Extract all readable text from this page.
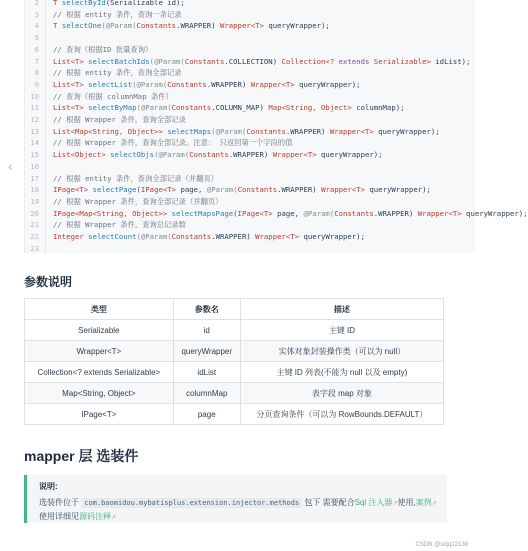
2 T selectById(Serializable id);
3 // 根据 entity 条件，查询一条记录
4 T selectOne(@Param(Constants.WRAPPER) Wrapper<T> queryWrapper);
5
6 // 查询（根据ID 批量查询）
7 List<T> selectBatchIds(@Param(Constants.COLLECTION) Collection<? extends Serializable> idList);
8 // 根据 entity 条件，查询全部记录
9 List<T> selectList(@Param(Constants.WRAPPER) Wrapper<T> queryWrapper);
10 // 查询（根据 columnMap 条件）
11 List<T> selectByMap(@Param(Constants.COLUMN_MAP) Map<String, Object> columnMap);
12 // 根据 Wrapper 条件，查询全部记录
13 List<Map<String, Object>> selectMaps(@Param(Constants.WRAPPER) Wrapper<T> queryWrapper);
14 // 根据 Wrapper 条件，查询全部记录。注意： 只返回第一个字段的值
15 List<Object> selectObjs(@Param(Constants.WRAPPER) Wrapper<T> queryWrapper);
16
17 // 根据 entity 条件，查询全部记录（并翻页）
18 IPage<T> selectPage(IPage<T> page, @Param(Constants.WRAPPER) Wrapper<T> queryWrapper);
19 // 根据 Wrapper 条件，查询全部记录（并翻页）
20 IPage<Map<String, Object>> selectMapsPage(IPage<T> page, @Param(Constants.WRAPPER) Wrapper<T> queryWrapper);
21 // 根据 Wrapper 条件，查询总记录数
22 Integer selectCount(@Param(Constants.WRAPPER) Wrapper<T> queryWrapper);
23
‹
参数说明
类型	参数名	描述
Serializable	id	主键 ID
Wrapper<T>	queryWrapper	实体对象封装操作类（可以为 null）
Collection<? extends Serializable>	idList	主键 ID 列表(不能为 null 以及 empty)
Map<String, Object>	columnMap	表字段 map 对象
IPage<T>	page	分页查询条件（可以为 RowBounds.DEFAULT）
mapper 层 选装件
说明:
选装件位于 com.baomidou.mybatisplus.extension.injector.methods 包下 需要配合Sql 注入器↗使用,案例↗
使用详细见源码注释↗
CSDN @sdjq12138
